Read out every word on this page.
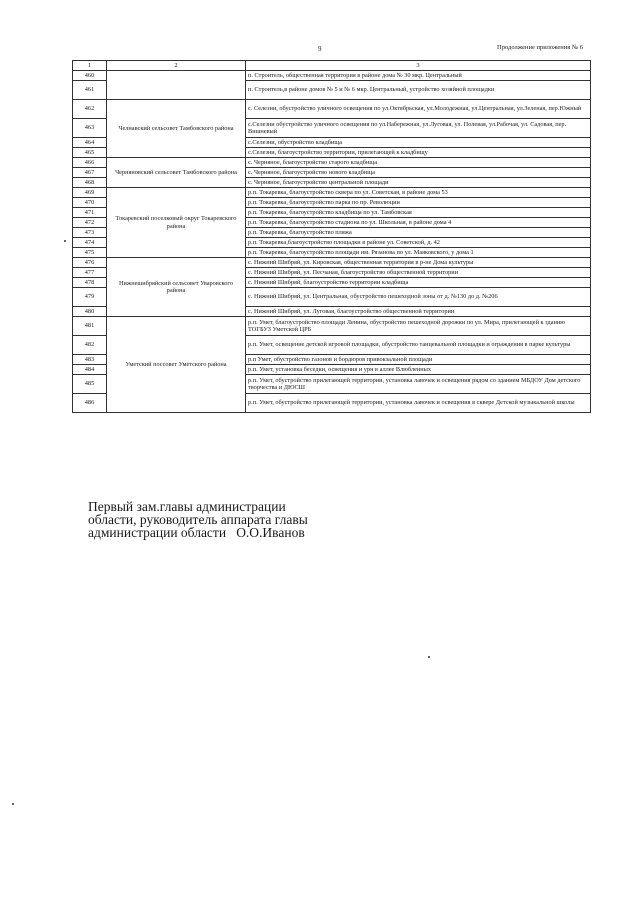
9	Продолжение приложения № 6
1	2	3
460		п. Строитель, общественная территория в районе дома № 30 мкр. Центральный
461		п. Строитель,в районе домов № 5 и № 6 мкр. Центральный, устройство хозяйной площадки
462	Челнавский сельсовет Тамбовского района	с. Селезни, обустройство уличного освещения по ул.Октябрьская, ул.Молодежная, ул.Центральная, ул.Зеленая, пер.Южный
463		с.Селезни обустройство уличного освещения по ул.Набережная, ул.Луговая, ул. Полевая, ул.Рабочая, ул. Садовая, пер. Вишневый
464		с.Селезни, обустройство кладбища
465		с.Селезни, благоустройство территории, прилегающей к кладбищу
466	Черняновский сельсовет Тамбовского района	с. Черняное, благоустройство старого кладбища
467		с. Черняное, благоустройство нового кладбища
468		с. Черняное, благоустройство центральной площади
469	Токаревский поселковый округ Токаревского района	р.п. Токаревка, благоустройство сквера по ул. Советская, в районе дома 53
470		р.п. Токаревка, благоустройство парка по пр. Революции
471		р.п. Токаревка, благоустройство кладбища по ул. Тамбовская
472		р.п. Токаревка, благоустройство стадиона по ул. Школьная, в районе дома 4
473		р.п. Токаревка, благоустройство пляжа
474		р.п. Токаревка,благоустройство площадки в районе ул. Советской, д. 42
475		р.п. Токаревка, благоустройство площади им. Рязанова по ул. Маяковского, у дома 1
476	Нижнешибряйский сельсовет Уваровского района	с. Нижний Шибряй, ул. Кировская, общественная территория в р-не Дома культуры
477		с. Нижний Шибряй, ул. Песчаная, благоустройство общественной территории
478		с. Нижний Шибряй, благоустройство территории кладбища
479		с. Нижний Шибряй, ул. Центральная, обустройство пешеходной зоны от д. №130 до д. №206
480		с. Нижний Шибряй, ул. Луговая, благоустройство общественной территории
481	Уметский поссовет Уметского района	р.п. Умет, благоустройство площади Ленина, обустройство пешеходной дорожки по ул. Мира, прилегающей к зданию ТОГБУЗ Уметской ЦРБ
482		р.п. Умет, освещение детской игровой площадки, обустройство танцевальной площадки и ограждения в парке культуры
483		р.п Умет, обустройство газонов и бордюров привокзальной площади
484		р.п. Умет, установка беседки, освещения и урн в аллее Влюбленных
485		р.п. Умет, обустройство прилегающей территории, установка лавочек и освещения рядом со зданием МБДОУ Дом детского творчества и ДЮСШ
486		р.п. Умет, обустройство прилегающей территории, установка лавочек и освещения в сквере Детской музыкальной школы
Первый зам.главы администрации
области, руководитель аппарата главы
администрации области О.О.Иванов
